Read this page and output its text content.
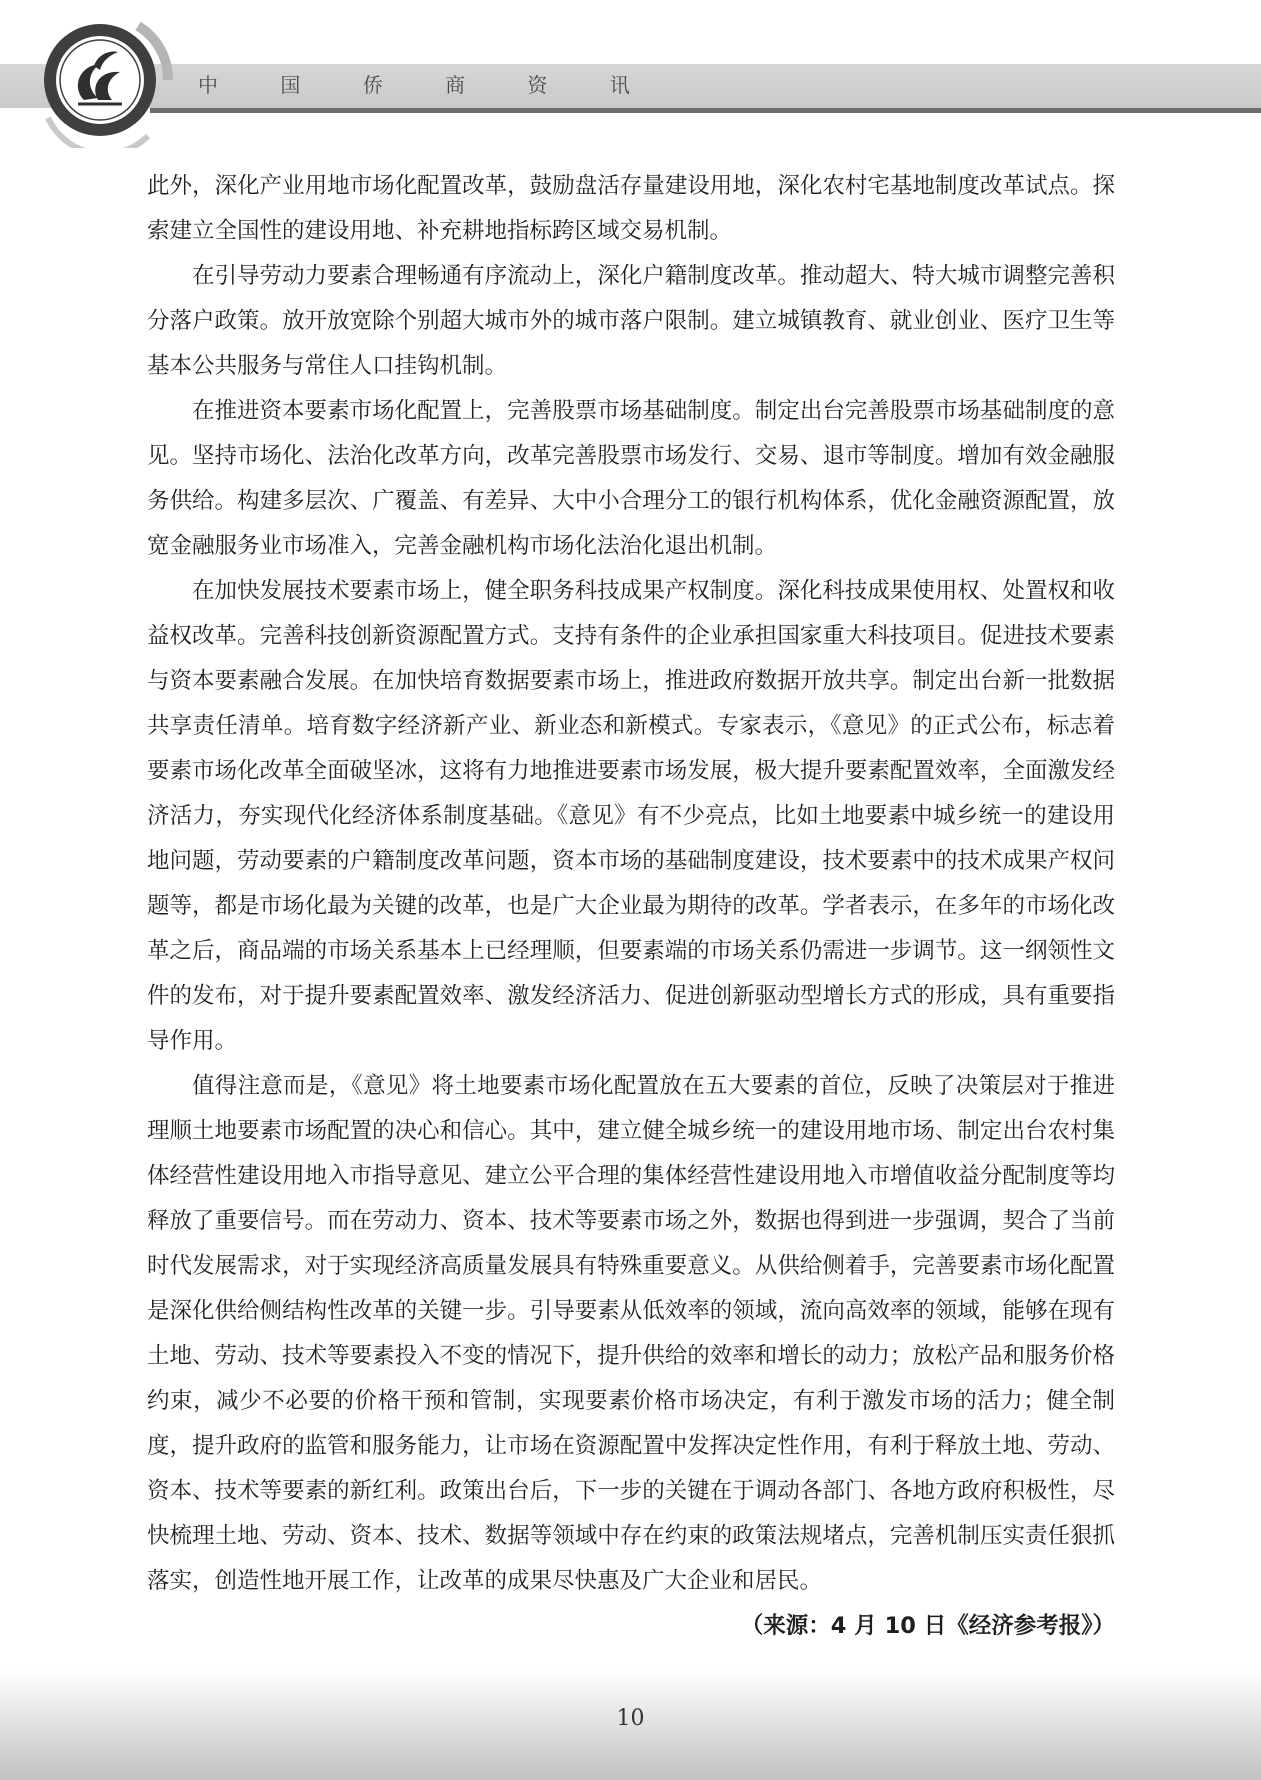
中 国 侨 商 资 讯

此外，深化产业用地市场化配置改革，鼓励盘活存量建设用地，深化农村宅基地制度改革试点。探索建立全国性的建设用地、补充耕地指标跨区域交易机制。

在引导劳动力要素合理畅通有序流动上，深化户籍制度改革。推动超大、特大城市调整完善积分落户政策。放开放宽除个别超大城市外的城市落户限制。建立城镇教育、就业创业、医疗卫生等基本公共服务与常住人口挂钩机制。

在推进资本要素市场化配置上，完善股票市场基础制度。制定出台完善股票市场基础制度的意见。坚持市场化、法治化改革方向，改革完善股票市场发行、交易、退市等制度。增加有效金融服务供给。构建多层次、广覆盖、有差异、大中小合理分工的银行机构体系，优化金融资源配置，放宽金融服务业市场准入，完善金融机构市场化法治化退出机制。

在加快发展技术要素市场上，健全职务科技成果产权制度。深化科技成果使用权、处置权和收益权改革。完善科技创新资源配置方式。支持有条件的企业承担国家重大科技项目。促进技术要素与资本要素融合发展。在加快培育数据要素市场上，推进政府数据开放共享。制定出台新一批数据共享责任清单。培育数字经济新产业、新业态和新模式。专家表示，《意见》的正式公布，标志着要素市场化改革全面破坚冰，这将有力地推进要素市场发展，极大提升要素配置效率，全面激发经济活力，夯实现代化经济体系制度基础。《意见》有不少亮点，比如土地要素中城乡统一的建设用地问题，劳动要素的户籍制度改革问题，资本市场的基础制度建设，技术要素中的技术成果产权问题等，都是市场化最为关键的改革，也是广大企业最为期待的改革。学者表示，在多年的市场化改革之后，商品端的市场关系基本上已经理顺，但要素端的市场关系仍需进一步调节。这一纲领性文件的发布，对于提升要素配置效率、激发经济活力、促进创新驱动型增长方式的形成，具有重要指导作用。

值得注意而是，《意见》将土地要素市场化配置放在五大要素的首位，反映了决策层对于推进理顺土地要素市场配置的决心和信心。其中，建立健全城乡统一的建设用地市场、制定出台农村集体经营性建设用地入市指导意见、建立公平合理的集体经营性建设用地入市增值收益分配制度等均释放了重要信号。而在劳动力、资本、技术等要素市场之外，数据也得到进一步强调，契合了当前时代发展需求，对于实现经济高质量发展具有特殊重要意义。从供给侧着手，完善要素市场化配置是深化供给侧结构性改革的关键一步。引导要素从低效率的领域，流向高效率的领域，能够在现有土地、劳动、技术等要素投入不变的情况下，提升供给的效率和增长的动力；放松产品和服务价格约束，减少不必要的价格干预和管制，实现要素价格市场决定，有利于激发市场的活力；健全制度，提升政府的监管和服务能力，让市场在资源配置中发挥决定性作用，有利于释放土地、劳动、资本、技术等要素的新红利。政策出台后，下一步的关键在于调动各部门、各地方政府积极性，尽快梳理土地、劳动、资本、技术、数据等领域中存在约束的政策法规堵点，完善机制压实责任狠抓落实，创造性地开展工作，让改革的成果尽快惠及广大企业和居民。
（来源：4 月 10 日《经济参考报》）

10
